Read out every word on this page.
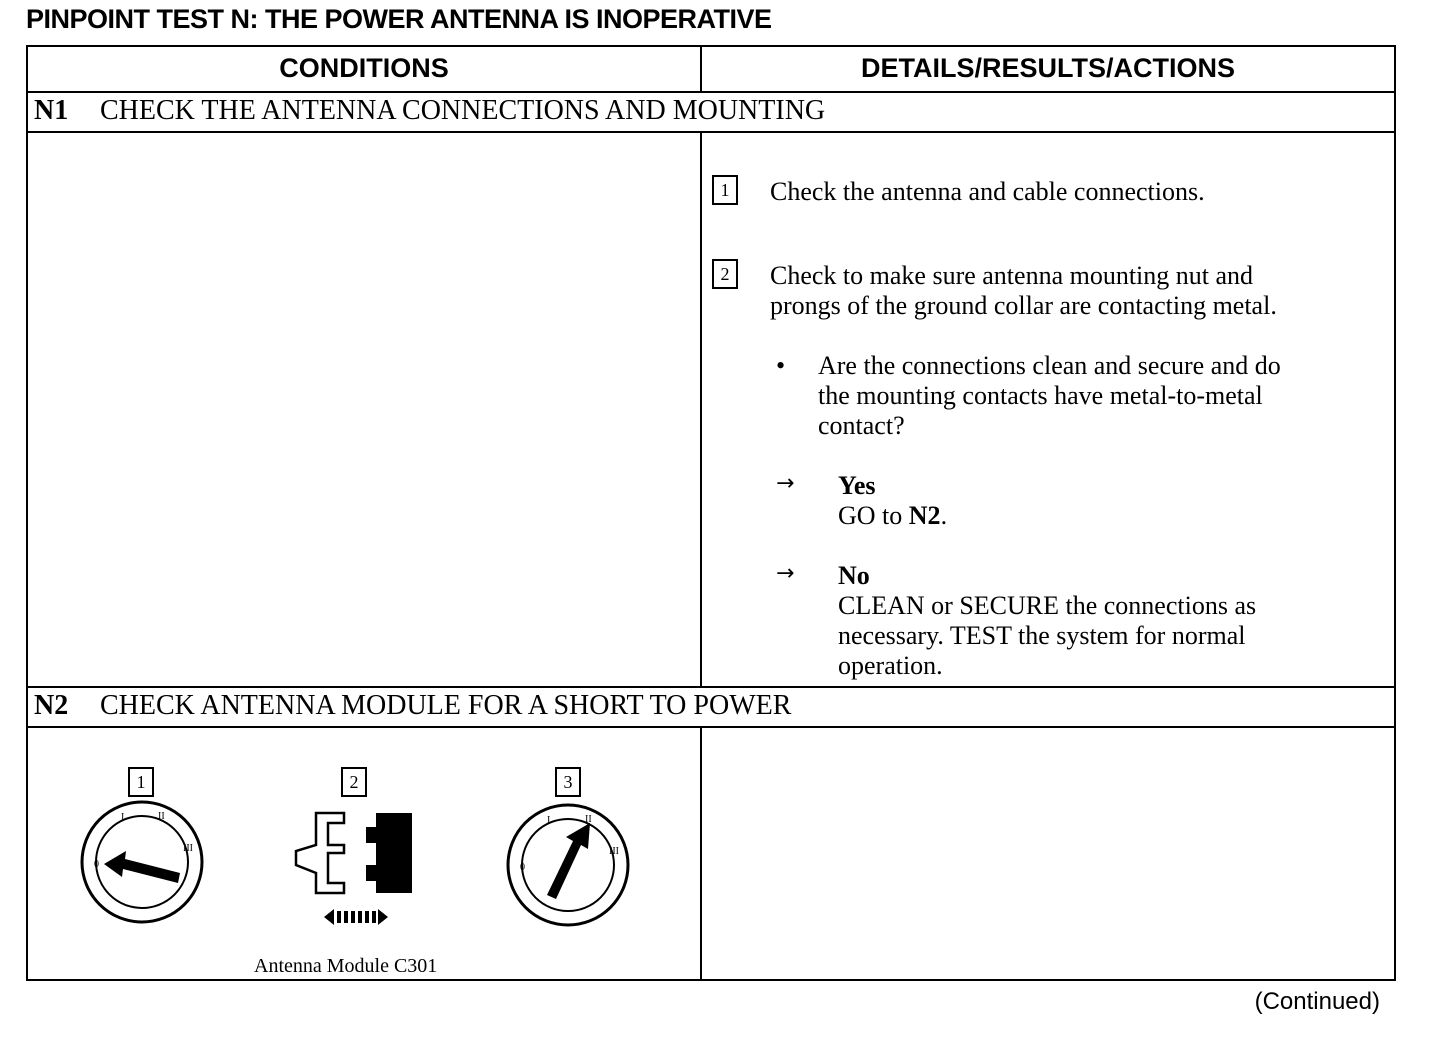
PINPOINT TEST N: THE POWER ANTENNA IS INOPERATIVE
CONDITIONS	DETAILS/RESULTS/ACTIONS
N1 CHECK THE ANTENNA CONNECTIONS AND MOUNTING
1	Check the antenna and cable connections.
2	Check to make sure antenna mounting nut and
prongs of the ground collar are contacting metal.
• Are the connections clean and secure and do
the mounting contacts have metal-to-metal
contact?
→ Yes
GO to N2.
→ No
CLEAN or SECURE the connections as
necessary. TEST the system for normal
operation.
N2 CHECK ANTENNA MODULE FOR A SHORT TO POWER
1	2	3
0
I	II
III
0
I	II
III
Antenna Module C301
(Continued)
